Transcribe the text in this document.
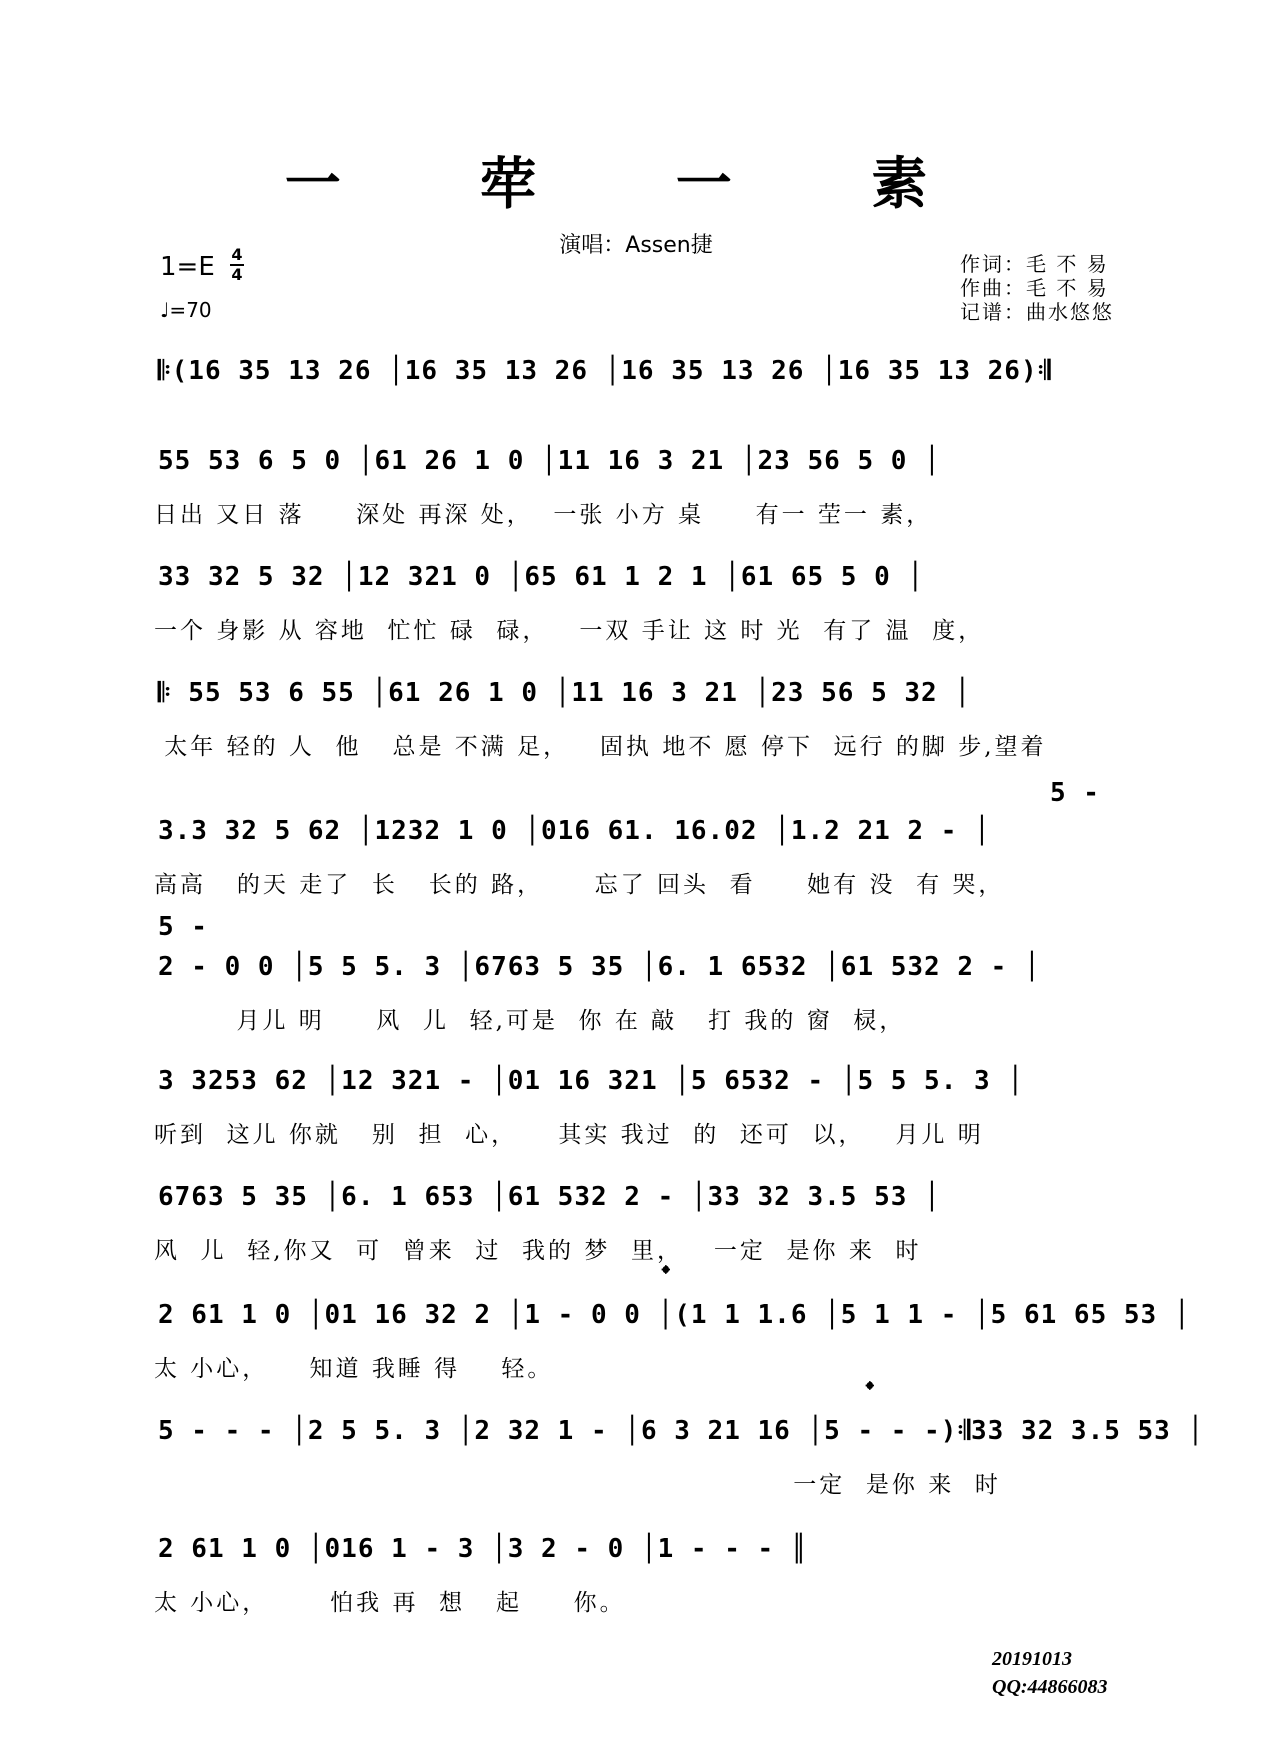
一 荦 一 素
演唱：Assen捷
1=E 4
4
♩=70
作词：毛 不 易
作曲：毛 不 易
记谱：曲水悠悠
𝄆(16 35 13 26 │16 35 13 26 │16 35 13 26 │16 35 13 26)𝄇
55 53 6 5 0 │61 26 1 0 │11 16 3 21 │23 56 5 0 │
日出 又日 落     深处 再深 处，  一张 小方 桌     有一 茔一 素，
33 32 5 32 │12 321 0 │65 61 1 2 1 │61 65 5 0 │
一个 身影 从 容地  忙忙 碌  碌，   一双 手让 这 时 光  有了 温  度，
𝄆 55 53 6 55 │61 26 1 0 │11 16 3 21 │23 56 5 32 │
太年 轻的 人  他   总是 不满 足，   固执 地不 愿 停下  远行 的脚 步,望着
5 -
3.3 32 5 62 │1232 1 0 │016 61. 16.02 │1.2 21 2 - │
高高   的天 走了  长   长的 路，     忘了 回头  看     她有 没  有 哭，
5 -
2 - 0 0 │5 5 5. 3 │6763 5 35 │6. 1 6532 │61 532 2 - │
月儿 明     风  儿  轻,可是  你 在 敲   打 我的 窗  棂，
3 3253 62 │12 321 - │01 16 321 │5 6532 - │5 5 5. 3 │
听到  这儿 你就   别  担  心，    其实 我过  的  还可  以，   月儿 明
6763 5 35 │6. 1 653 │61 532 2 - │33 32 3.5 53 │
风  儿  轻,你又  可  曾来  过  我的 梦  里，   一定  是你 来  时
𝄌
2 61 1 0 │01 16 32 2 │1 - 0 0 │(1 1 1.6 │5 1 1 - │5 61 65 53 │
太 小心，    知道 我睡 得    轻。
𝄌
5 - - - │2 5 5. 3 │2 32 1 - │6 3 21 16 │5 - - -)𝄇33 32 3.5 53 │
一定  是你 来  时
2 61 1 0 │016 1 - 3 │3 2 - 0 │1 - - - ║
太 小心，      怕我 再  想   起     你。
20191013
QQ:44866083
